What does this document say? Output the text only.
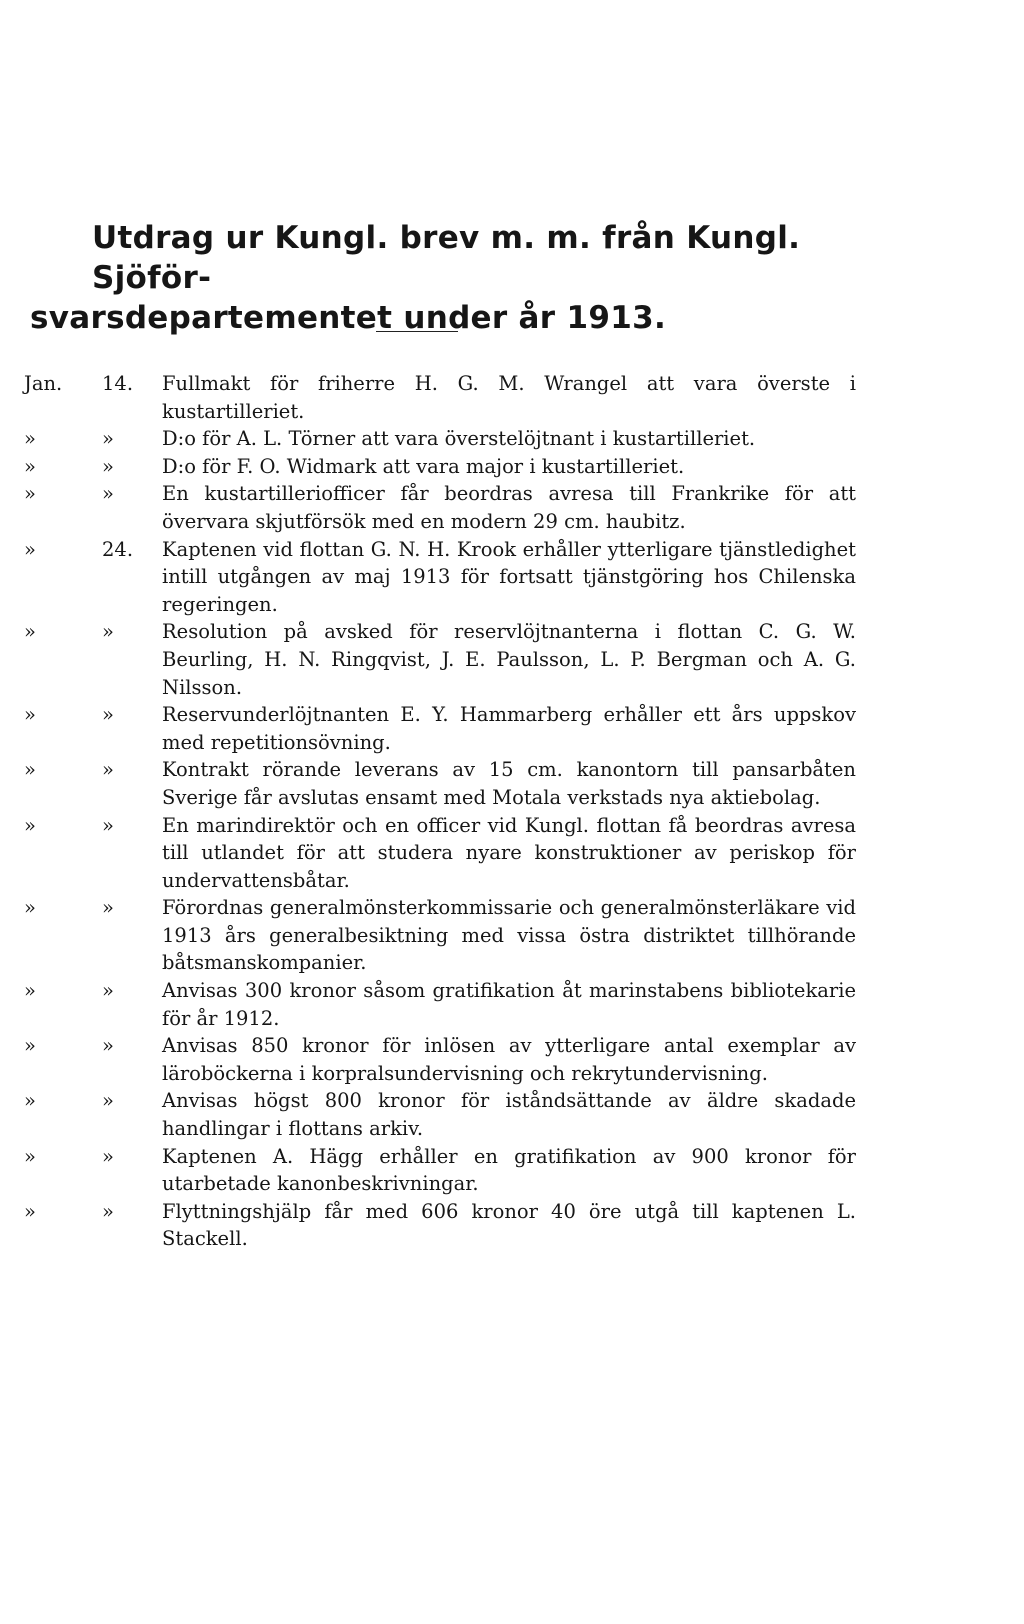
Utdrag ur Kungl. brev m. m. från Kungl. Sjöför-
svarsdepartementet under år 1913.
Jan. 14.	Fullmakt för friherre H. G. M. Wrangel att vara överste i kustartilleriet.
»	»	D:o för A. L. Törner att vara överstelöjtnant i kustartilleriet.
»	»	D:o för F. O. Widmark att vara major i kustartilleriet.
»	»	En kustartilleriofficer får beordras avresa till Frankrike för att övervara skjutförsök med en modern 29 cm. haubitz.
»	24.	Kaptenen vid flottan G. N. H. Krook erhåller ytterligare tjänstledighet intill utgången av maj 1913 för fortsatt tjänstgöring hos Chilenska regeringen.
»	»	Resolution på avsked för reservlöjtnanterna i flottan C. G. W. Beurling, H. N. Ringqvist, J. E. Paulsson, L. P. Bergman och A. G. Nilsson.
»	»	Reservunderlöjtnanten E. Y. Hammarberg erhåller ett års uppskov med repetitionsövning.
»	»	Kontrakt rörande leverans av 15 cm. kanontorn till pansarbåten Sverige får avslutas ensamt med Motala verkstads nya aktiebolag.
»	»	En marindirektör och en officer vid Kungl. flottan få beordras avresa till utlandet för att studera nyare konstruktioner av periskop för undervattensbåtar.
»	»	Förordnas generalmönsterkommissarie och generalmönsterläkare vid 1913 års generalbesiktning med vissa östra distriktet tillhörande båtsmanskompanier.
»	»	Anvisas 300 kronor såsom gratifikation åt marinstabens bibliotekarie för år 1912.
»	»	Anvisas 850 kronor för inlösen av ytterligare antal exemplar av läroböckerna i korpralsundervisning och rekrytundervisning.
»	»	Anvisas högst 800 kronor för iståndsättande av äldre skadade handlingar i flottans arkiv.
»	»	Kaptenen A. Hägg erhåller en gratifikation av 900 kronor för utarbetade kanonbeskrivningar.
»	»	Flyttningshjälp får med 606 kronor 40 öre utgå till kaptenen L. Stackell.
